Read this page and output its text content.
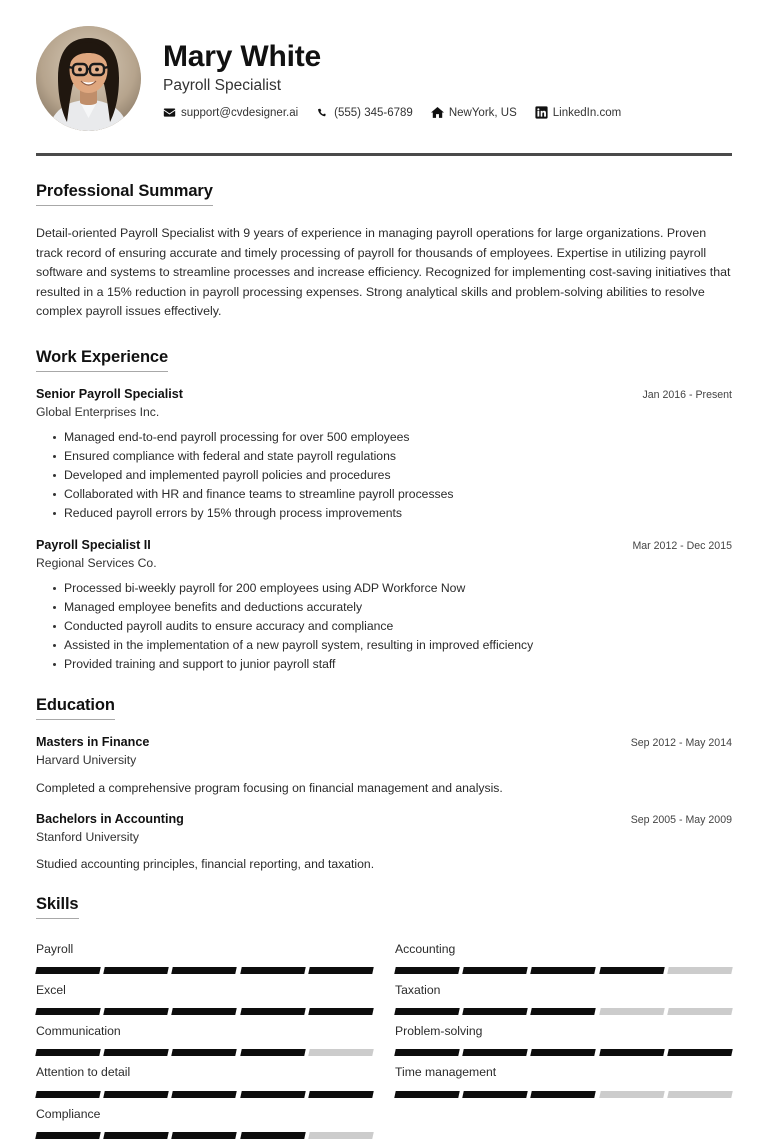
Mary White
Payroll Specialist
support@cvdesigner.ai	(555) 345-6789	NewYork, US	LinkedIn.com
Professional Summary

Detail-oriented Payroll Specialist with 9 years of experience in managing payroll operations for large organizations. Proven track record of ensuring accurate and timely processing of payroll for thousands of employees. Expertise in utilizing payroll software and systems to streamline processes and increase efficiency. Recognized for implementing cost-saving initiatives that resulted in a 15% reduction in payroll processing expenses. Strong analytical skills and problem-solving abilities to resolve complex payroll issues effectively.

Work Experience
Senior Payroll Specialist	Jan 2016 - Present
Global Enterprises Inc.
Managed end-to-end payroll processing for over 500 employees
Ensured compliance with federal and state payroll regulations
Developed and implemented payroll policies and procedures
Collaborated with HR and finance teams to streamline payroll processes
Reduced payroll errors by 15% through process improvements
Payroll Specialist II	Mar 2012 - Dec 2015
Regional Services Co.
Processed bi-weekly payroll for 200 employees using ADP Workforce Now
Managed employee benefits and deductions accurately
Conducted payroll audits to ensure accuracy and compliance
Assisted in the implementation of a new payroll system, resulting in improved efficiency
Provided training and support to junior payroll staff
Education
Masters in Finance	Sep 2012 - May 2014
Harvard University
Completed a comprehensive program focusing on financial management and analysis.
Bachelors in Accounting	Sep 2005 - May 2009
Stanford University
Studied accounting principles, financial reporting, and taxation.
Skills
Payroll	Accounting
Excel	Taxation
Communication	Problem-solving
Attention to detail	Time management
Compliance
